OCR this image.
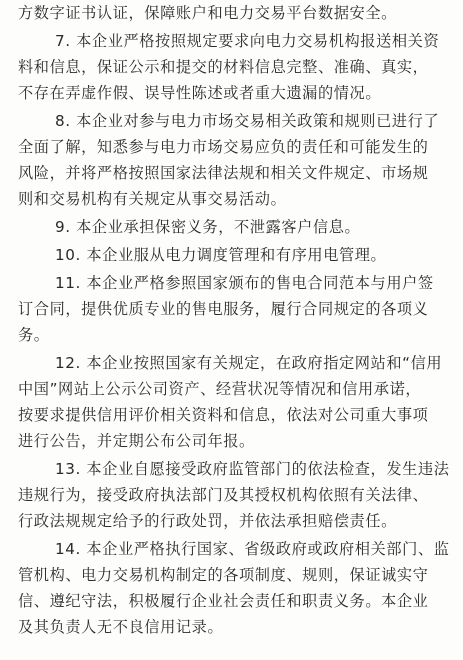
方数字证书认证，保障账户和电力交易平台数据安全。
7. 本企业严格按照规定要求向电力交易机构报送相关资
料和信息，保证公示和提交的材料信息完整、准确、真实，
不存在弄虚作假、误导性陈述或者重大遗漏的情况。
8. 本企业对参与电力市场交易相关政策和规则已进行了
全面了解，知悉参与电力市场交易应负的责任和可能发生的
风险，并将严格按照国家法律法规和相关文件规定、市场规
则和交易机构有关规定从事交易活动。
9. 本企业承担保密义务，不泄露客户信息。
10. 本企业服从电力调度管理和有序用电管理。
11. 本企业严格参照国家颁布的售电合同范本与用户签
订合同，提供优质专业的售电服务，履行合同规定的各项义
务。
12. 本企业按照国家有关规定，在政府指定网站和“信用
中国”网站上公示公司资产、经营状况等情况和信用承诺，
按要求提供信用评价相关资料和信息，依法对公司重大事项
进行公告，并定期公布公司年报。
13. 本企业自愿接受政府监管部门的依法检查，发生违法
违规行为，接受政府执法部门及其授权机构依照有关法律、
行政法规规定给予的行政处罚，并依法承担赔偿责任。
14. 本企业严格执行国家、省级政府或政府相关部门、监
管机构、电力交易机构制定的各项制度、规则，保证诚实守
信、遵纪守法，积极履行企业社会责任和职责义务。本企业
及其负责人无不良信用记录。
